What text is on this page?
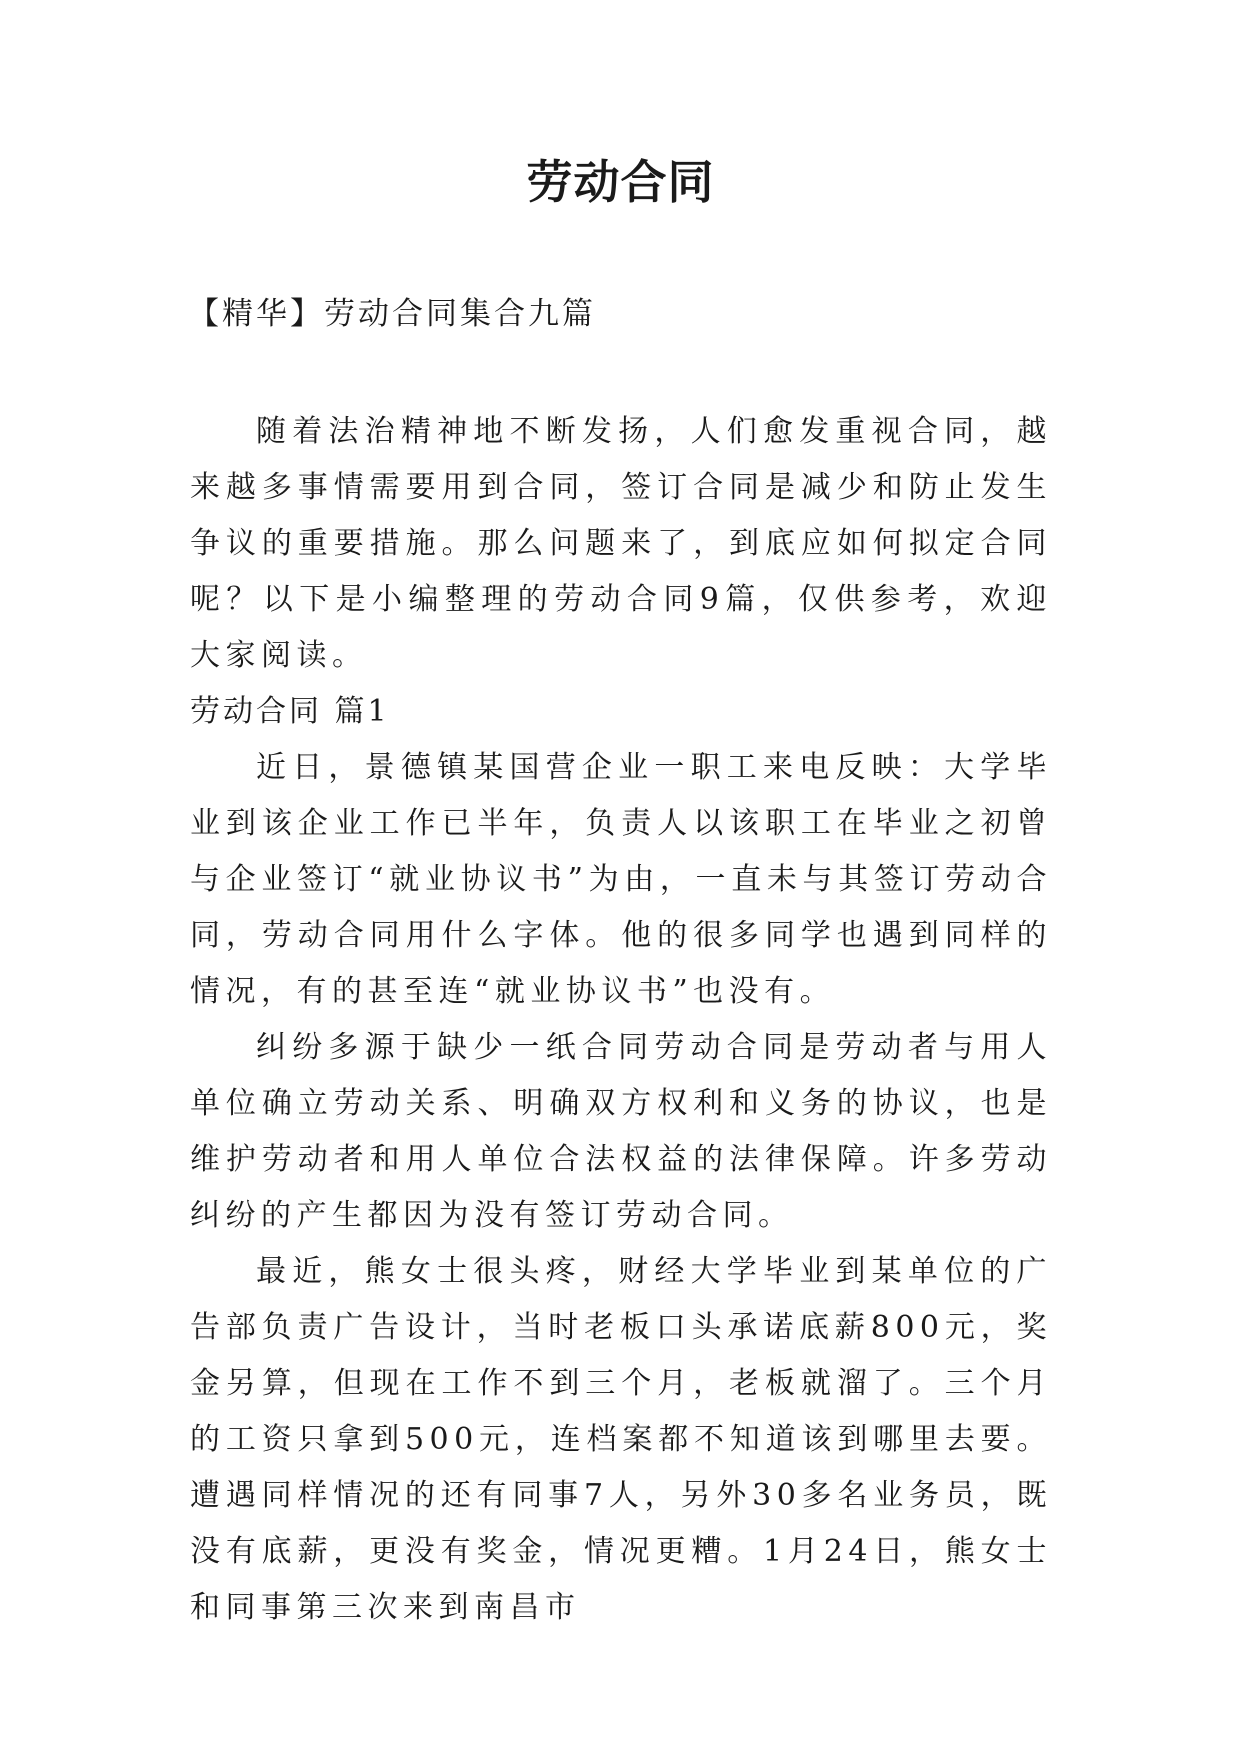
劳动合同

【精华】劳动合同集合九篇

随着法治精神地不断发扬，人们愈发重视合同，越来越多事情需要用到合同，签订合同是减少和防止发生争议的重要措施。那么问题来了，到底应如何拟定合同呢？以下是小编整理的劳动合同9篇，仅供参考，欢迎大家阅读。

劳动合同 篇1

近日，景德镇某国营企业一职工来电反映：大学毕业到该企业工作已半年，负责人以该职工在毕业之初曾与企业签订“就业协议书”为由，一直未与其签订劳动合同，劳动合同用什么字体。他的很多同学也遇到同样的情况，有的甚至连“就业协议书”也没有。

纠纷多源于缺少一纸合同劳动合同是劳动者与用人单位确立劳动关系、明确双方权利和义务的协议，也是维护劳动者和用人单位合法权益的法律保障。许多劳动纠纷的产生都因为没有签订劳动合同。

最近，熊女士很头疼，财经大学毕业到某单位的广告部负责广告设计，当时老板口头承诺底薪800元，奖金另算，但现在工作不到三个月，老板就溜了。三个月的工资只拿到500元，连档案都不知道该到哪里去要。遭遇同样情况的还有同事7人，另外30多名业务员，既没有底薪，更没有奖金，情况更糟。1月24日，熊女士和同事第三次来到南昌市
